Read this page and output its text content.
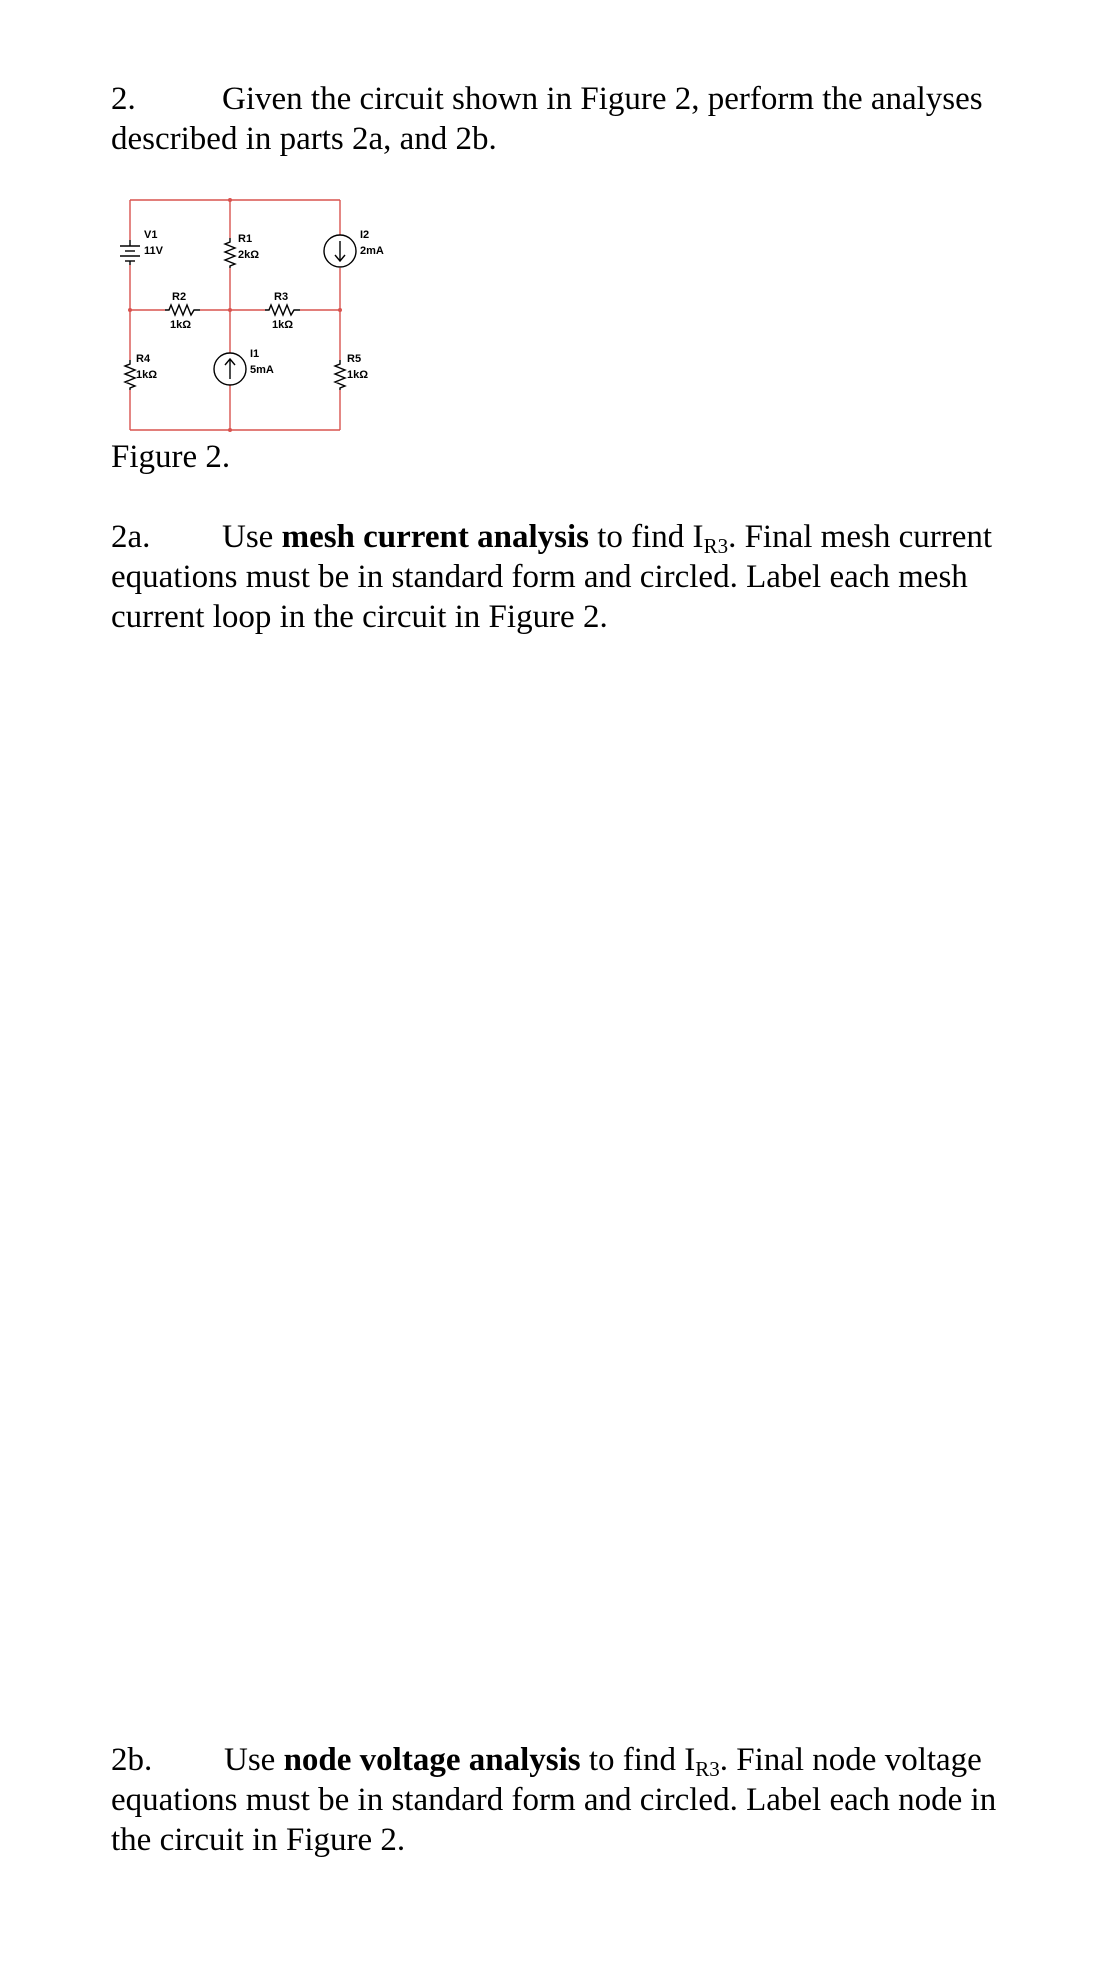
2.	Given the circuit shown in Figure 2, perform the analyses described in parts 2a, and 2b.

V1
11V
R1
2kΩ
I2
2mA
R2
1kΩ
R3
1kΩ
R4
1kΩ
I1
5mA
R5
1kΩ
Figure 2.

2a. Use mesh current analysis to find $I_{R3}$. Final mesh current equations must be in standard form and circled. Label each mesh current loop in the circuit in Figure 2.

2b. Use node voltage analysis to find $I_{R3}$. Final node voltage equations must be in standard form and circled. Label each node in the circuit in Figure 2.
